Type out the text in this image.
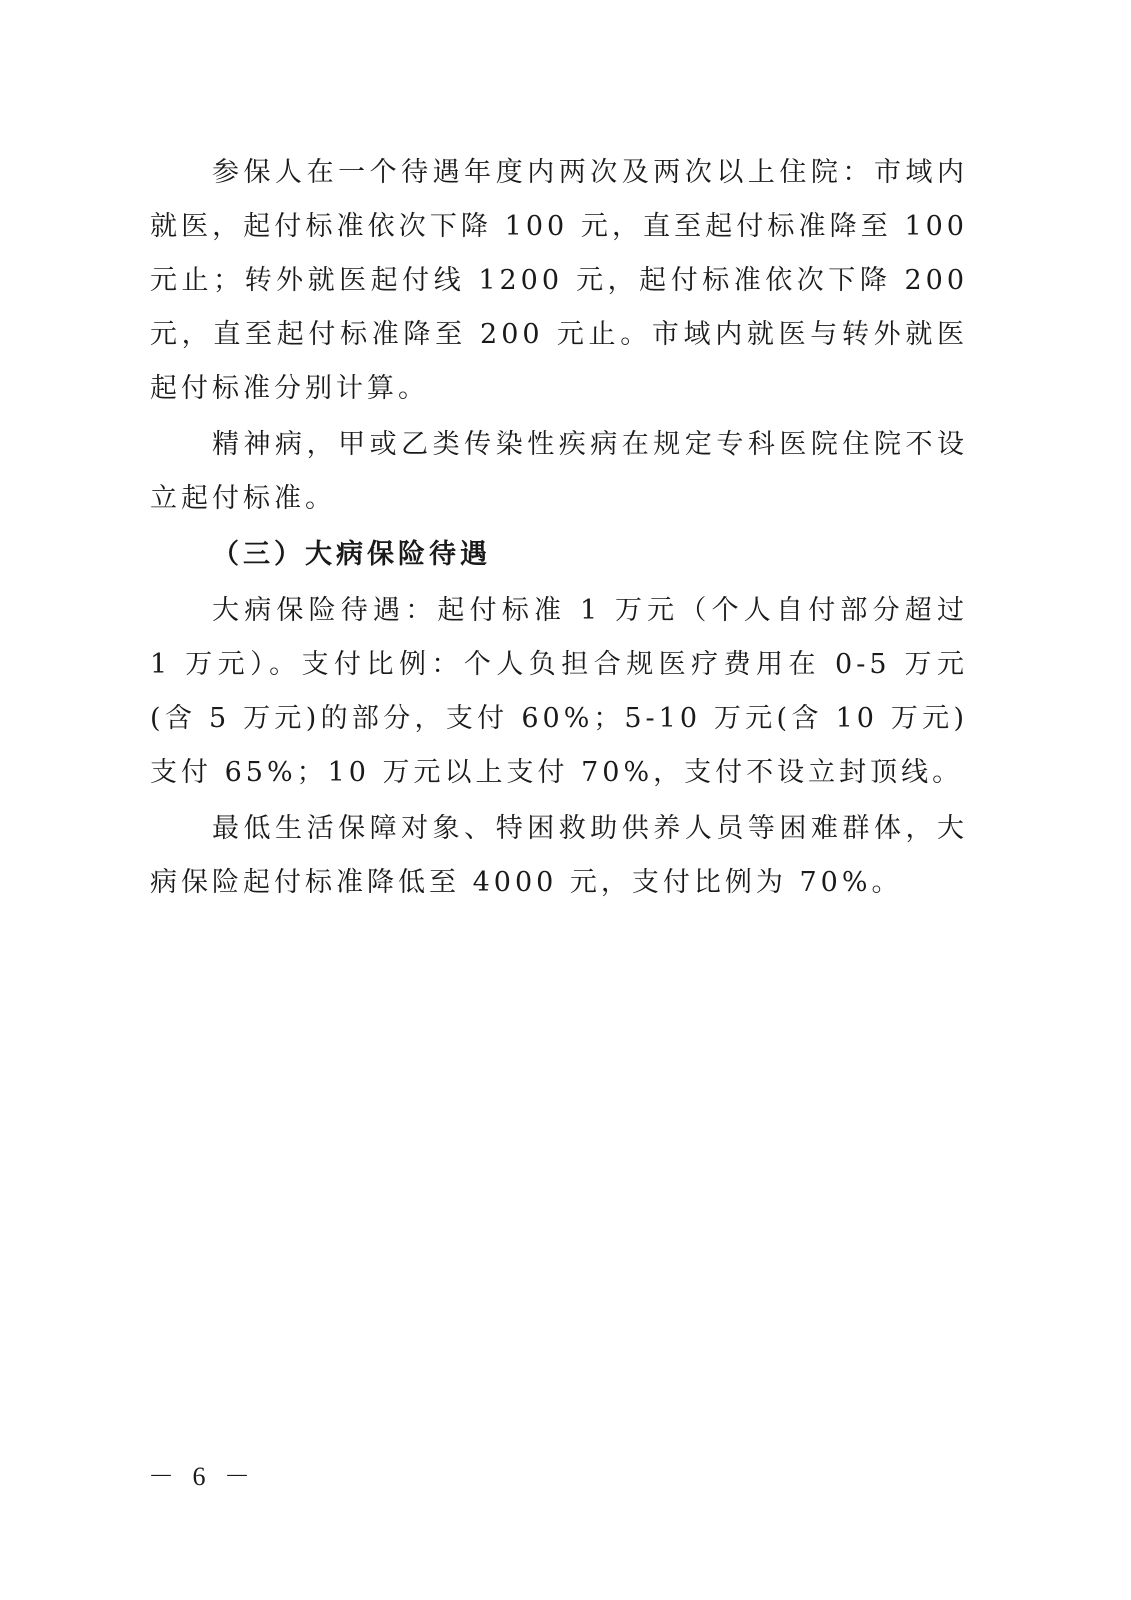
参保人在一个待遇年度内两次及两次以上住院：市域内就医，起付标准依次下降 100 元，直至起付标准降至 100 元止；转外就医起付线 1200 元，起付标准依次下降 200 元，直至起付标准降至 200 元止。市域内就医与转外就医起付标准分别计算。

精神病，甲或乙类传染性疾病在规定专科医院住院不设立起付标准。

（三）大病保险待遇

大病保险待遇：起付标准 1 万元（个人自付部分超过 1 万元）。支付比例：个人负担合规医疗费用在 0-5 万元(含 5 万元)的部分，支付 60%；5-10 万元(含 10 万元)支付 65%；10 万元以上支付 70%，支付不设立封顶线。

最低生活保障对象、特困救助供养人员等困难群体，大病保险起付标准降低至 4000 元，支付比例为 70%。

－ 6 －
